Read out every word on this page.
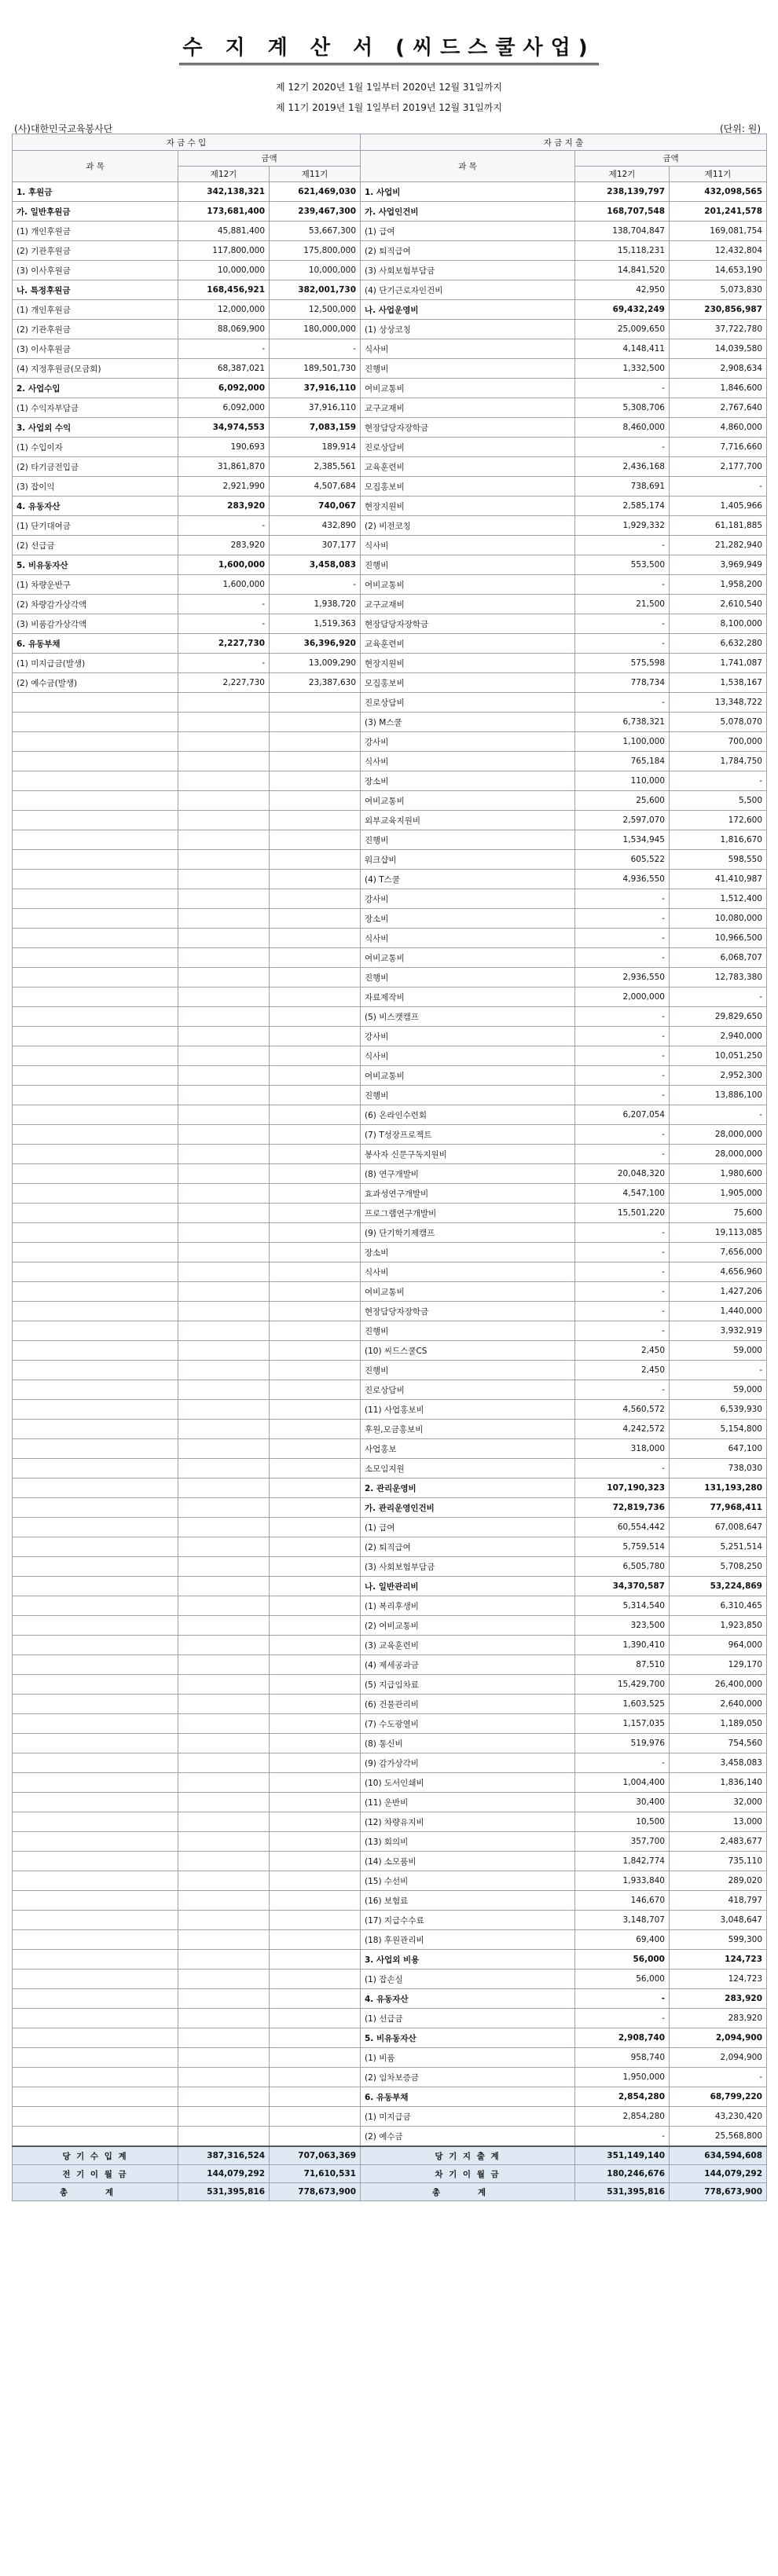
수 지 계 산 서 (씨드스쿨사업)
제 12기 2020년 1월 1일부터 2020년 12월 31일까지
제 11기 2019년 1월 1일부터 2019년 12월 31일까지
(사)대한민국교육봉사단	(단위: 원)
자 금 수 입			자 금 지 출		
과 목	금액		과 목	금액	
	제12기	제11기		제12기	제11기
1. 후원금	342,138,321	621,469,030	1. 사업비	238,139,797	432,098,565
가. 일반후원금	173,681,400	239,467,300	가. 사업인건비	168,707,548	201,241,578
(1) 개인후원금	45,881,400	53,667,300	(1) 급여	138,704,847	169,081,754
(2) 기관후원금	117,800,000	175,800,000	(2) 퇴직급여	15,118,231	12,432,804
(3) 이사후원금	10,000,000	10,000,000	(3) 사회보험부담금	14,841,520	14,653,190
나. 특정후원금	168,456,921	382,001,730	(4) 단기근로자인건비	42,950	5,073,830
(1) 개인후원금	12,000,000	12,500,000	나. 사업운영비	69,432,249	230,856,987
(2) 기관후원금	88,069,900	180,000,000	(1) 상상코칭	25,009,650	37,722,780
(3) 이사후원금	-	-	식사비	4,148,411	14,039,580
(4) 지정후원금(모금회)	68,387,021	189,501,730	진행비	1,332,500	2,908,634
2. 사업수입	6,092,000	37,916,110	여비교통비	-	1,846,600
(1) 수익자부담금	6,092,000	37,916,110	교구교재비	5,308,706	2,767,640
3. 사업외 수익	34,974,553	7,083,159	현장담당자장학금	8,460,000	4,860,000
(1) 수입이자	190,693	189,914	진로상담비	-	7,716,660
(2) 타기금전입금	31,861,870	2,385,561	교육훈련비	2,436,168	2,177,700
(3) 잡이익	2,921,990	4,507,684	모집홍보비	738,691	-
4. 유동자산	283,920	740,067	현장지원비	2,585,174	1,405,966
(1) 단기대여금	-	432,890	(2) 비전코칭	1,929,332	61,181,885
(2) 선급금	283,920	307,177	식사비	-	21,282,940
5. 비유동자산	1,600,000	3,458,083	진행비	553,500	3,969,949
(1) 차량운반구	1,600,000	-	여비교통비	-	1,958,200
(2) 차량감가상각액	-	1,938,720	교구교재비	21,500	2,610,540
(3) 비품감가상각액	-	1,519,363	현장담당자장학금	-	8,100,000
6. 유동부채	2,227,730	36,396,920	교육훈련비	-	6,632,280
(1) 미지급금(발생)	-	13,009,290	현장지원비	575,598	1,741,087
(2) 예수금(발생)	2,227,730	23,387,630	모집홍보비	778,734	1,538,167
			진로상담비	-	13,348,722
			(3) M스쿨	6,738,321	5,078,070
			강사비	1,100,000	700,000
			식사비	765,184	1,784,750
			장소비	110,000	-
			여비교통비	25,600	5,500
			외부교육지원비	2,597,070	172,600
			진행비	1,534,945	1,816,670
			워크샵비	605,522	598,550
			(4) T스쿨	4,936,550	41,410,987
			강사비	-	1,512,400
			장소비	-	10,080,000
			식사비	-	10,966,500
			여비교통비	-	6,068,707
			진행비	2,936,550	12,783,380
			자료제작비	2,000,000	-
			(5) 비스캣캠프	-	29,829,650
			강사비	-	2,940,000
			식사비	-	10,051,250
			여비교통비	-	2,952,300
			진행비	-	13,886,100
			(6) 온라인수련회	6,207,054	-
			(7) T성장프로젝트	-	28,000,000
			봉사자 신문구독지원비	-	28,000,000
			(8) 연구개발비	20,048,320	1,980,600
			효과성연구개발비	4,547,100	1,905,000
			프로그램연구개발비	15,501,220	75,600
			(9) 단기학기제캠프	-	19,113,085
			장소비	-	7,656,000
			식사비	-	4,656,960
			여비교통비	-	1,427,206
			현장담당자장학금	-	1,440,000
			진행비	-	3,932,919
			(10) 씨드스쿨CS	2,450	59,000
			진행비	2,450	-
			진로상담비	-	59,000
			(11) 사업홍보비	4,560,572	6,539,930
			후원,모금홍보비	4,242,572	5,154,800
			사업홍보	318,000	647,100
			소모임지원	-	738,030
			2. 관리운영비	107,190,323	131,193,280
			가. 관리운영인건비	72,819,736	77,968,411
			(1) 급여	60,554,442	67,008,647
			(2) 퇴직급여	5,759,514	5,251,514
			(3) 사회보험부담금	6,505,780	5,708,250
			나. 일반관리비	34,370,587	53,224,869
			(1) 복리후생비	5,314,540	6,310,465
			(2) 여비교통비	323,500	1,923,850
			(3) 교육훈련비	1,390,410	964,000
			(4) 제세공과금	87,510	129,170
			(5) 지급임차료	15,429,700	26,400,000
			(6) 건물관리비	1,603,525	2,640,000
			(7) 수도광열비	1,157,035	1,189,050
			(8) 통신비	519,976	754,560
			(9) 감가상각비	-	3,458,083
			(10) 도서인쇄비	1,004,400	1,836,140
			(11) 운반비	30,400	32,000
			(12) 차량유지비	10,500	13,000
			(13) 회의비	357,700	2,483,677
			(14) 소모품비	1,842,774	735,110
			(15) 수선비	1,933,840	289,020
			(16) 보험료	146,670	418,797
			(17) 지급수수료	3,148,707	3,048,647
			(18) 후원관리비	69,400	599,300
			3. 사업외 비용	56,000	124,723
			(1) 잡손실	56,000	124,723
			4. 유동자산	-	283,920
			(1) 선급금	-	283,920
			5. 비유동자산	2,908,740	2,094,900
			(1) 비품	958,740	2,094,900
			(2) 임차보증금	1,950,000	-
			6. 유동부채	2,854,280	68,799,220
			(1) 미지급금	2,854,280	43,230,420
			(2) 예수금	-	25,568,800
당 기 수 입 계	387,316,524	707,063,369	당 기 지 출 계	351,149,140	634,594,608
전 기 이 월 금	144,079,292	71,610,531	차 기 이 월 금	180,246,676	144,079,292
총 계	531,395,816	778,673,900	총 계	531,395,816	778,673,900
